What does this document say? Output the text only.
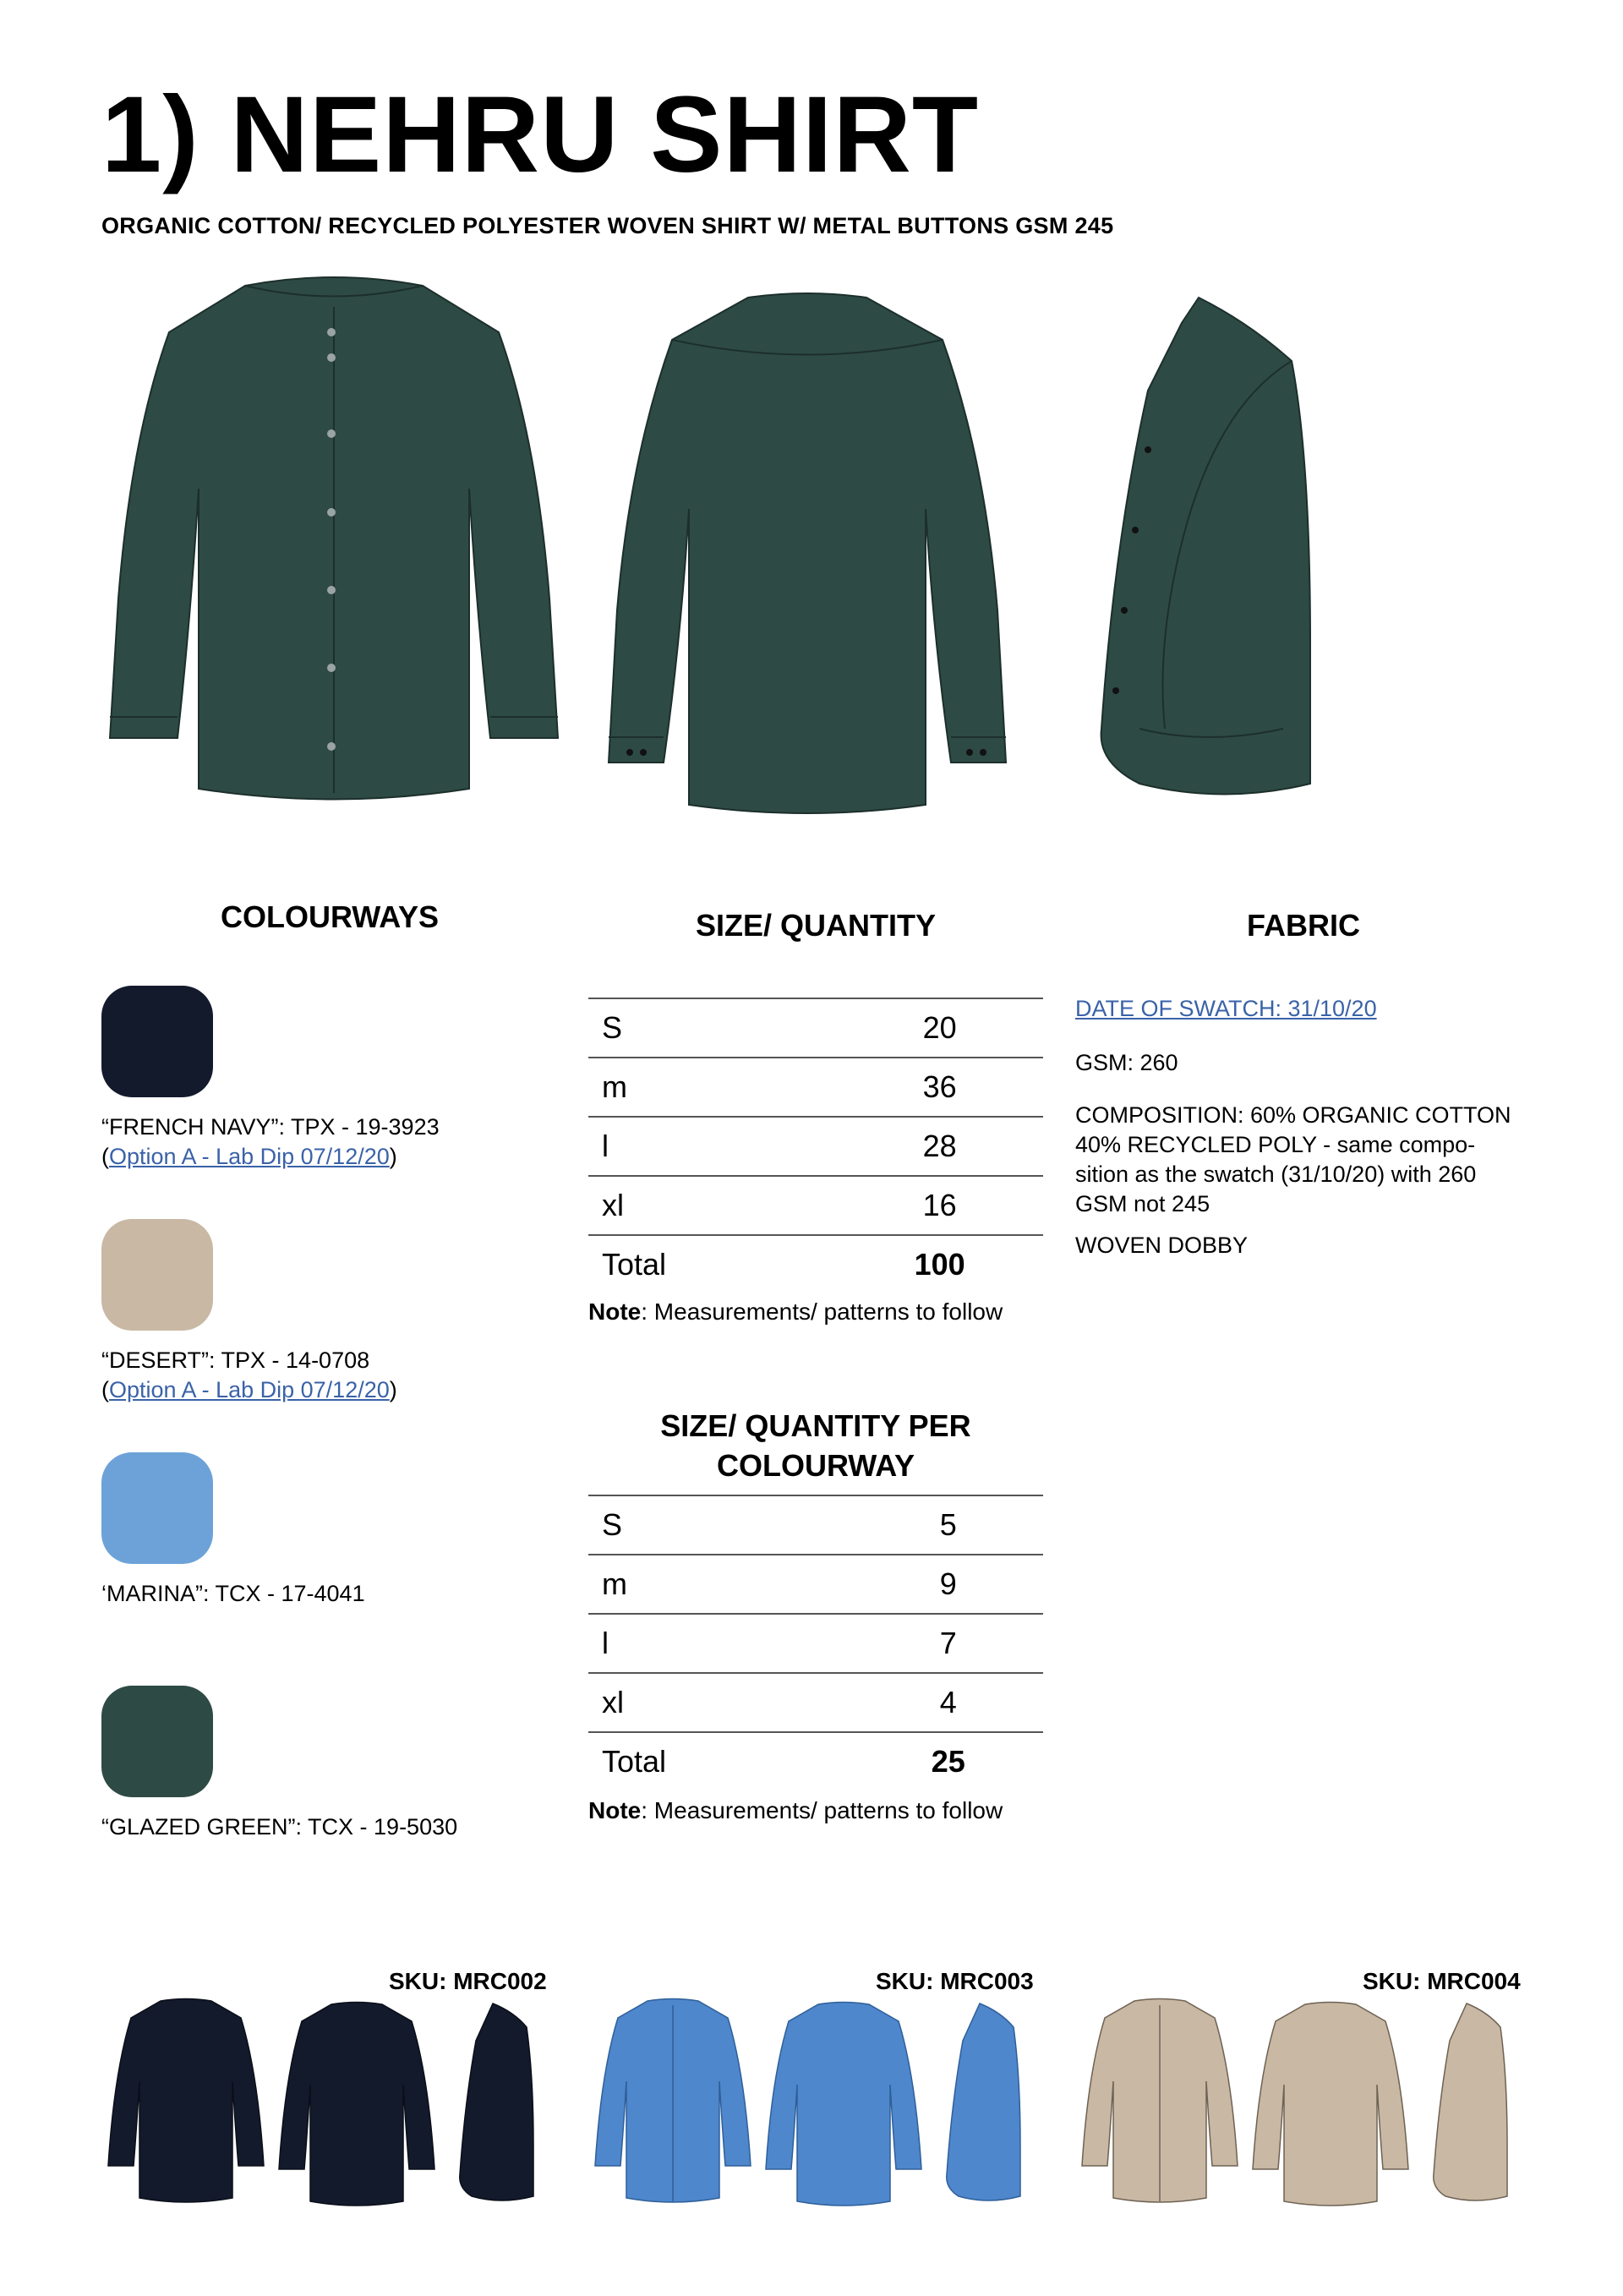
1) NEHRU SHIRT

ORGANIC COTTON/ RECYCLED POLYESTER WOVEN SHIRT W/ METAL BUTTONS GSM 245

COLOURWAYS
“FRENCH NAVY”: TPX - 19-3923
(Option A - Lab Dip 07/12/20)
“DESERT”: TPX - 14-0708
(Option A - Lab Dip 07/12/20)
‘MARINA”: TCX - 17-4041
“GLAZED GREEN”: TCX - 19-5030
SIZE/ QUANTITY
S	20
m	36
l	28
xl	16
Total	100
Note: Measurements/ patterns to follow
SIZE/ QUANTITY PER
COLOURWAY
S	5
m	9
l	7
xl	4
Total	25
Note: Measurements/ patterns to follow
FABRIC

DATE OF SWATCH: 31/10/20

GSM: 260

COMPOSITION: 60% ORGANIC COTTON
40% RECYCLED POLY - same compo-
sition as the swatch (31/10/20) with 260
GSM not 245

WOVEN DOBBY

SKU: MRC002	SKU: MRC003	SKU: MRC004
